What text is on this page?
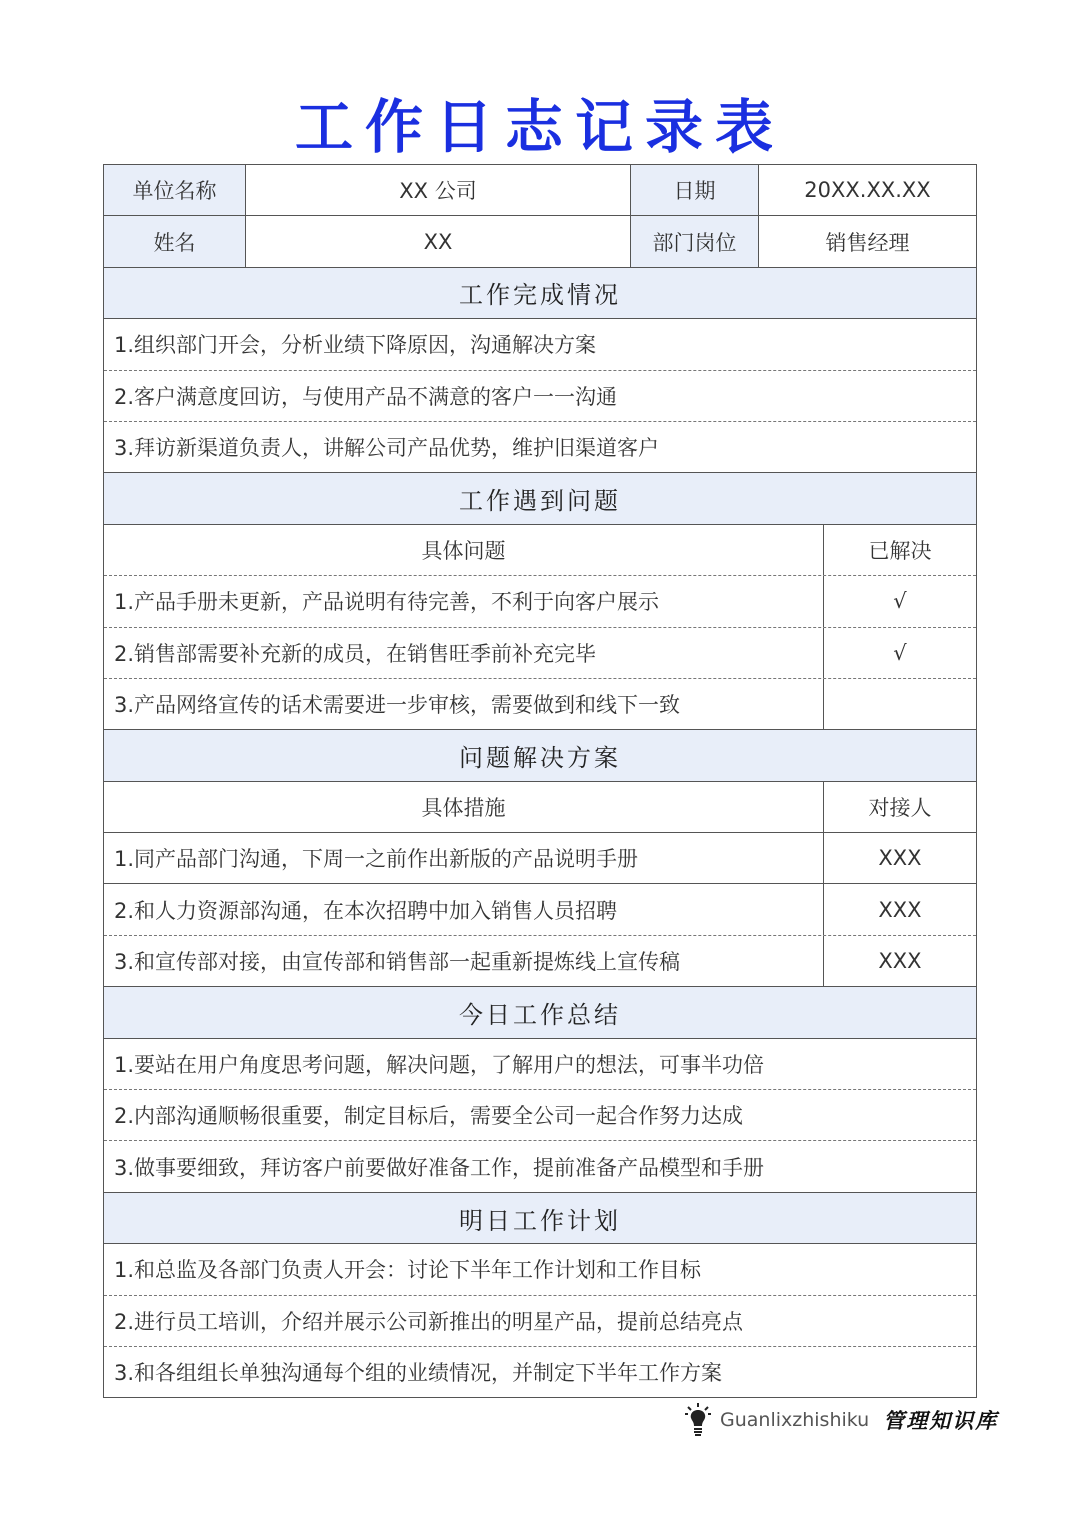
工作日志记录表
单位名称	XX 公司	日期	20XX.XX.XX
姓名	XX	部门岗位	销售经理
工作完成情况
1.组织部门开会，分析业绩下降原因，沟通解决方案
2.客户满意度回访，与使用产品不满意的客户一一沟通
3.拜访新渠道负责人，讲解公司产品优势，维护旧渠道客户
工作遇到问题
具体问题	已解决
1.产品手册未更新，产品说明有待完善，不利于向客户展示	√
2.销售部需要补充新的成员，在销售旺季前补充完毕	√
3.产品网络宣传的话术需要进一步审核，需要做到和线下一致
问题解决方案
具体措施	对接人
1.同产品部门沟通，下周一之前作出新版的产品说明手册	XXX
2.和人力资源部沟通，在本次招聘中加入销售人员招聘	XXX
3.和宣传部对接，由宣传部和销售部一起重新提炼线上宣传稿	XXX
今日工作总结
1.要站在用户角度思考问题，解决问题，了解用户的想法，可事半功倍
2.内部沟通顺畅很重要，制定目标后，需要全公司一起合作努力达成
3.做事要细致，拜访客户前要做好准备工作，提前准备产品模型和手册
明日工作计划
1.和总监及各部门负责人开会：讨论下半年工作计划和工作目标
2.进行员工培训，介绍并展示公司新推出的明星产品，提前总结亮点
3.和各组组长单独沟通每个组的业绩情况，并制定下半年工作方案
Guanlixzhishiku 管理知识库
